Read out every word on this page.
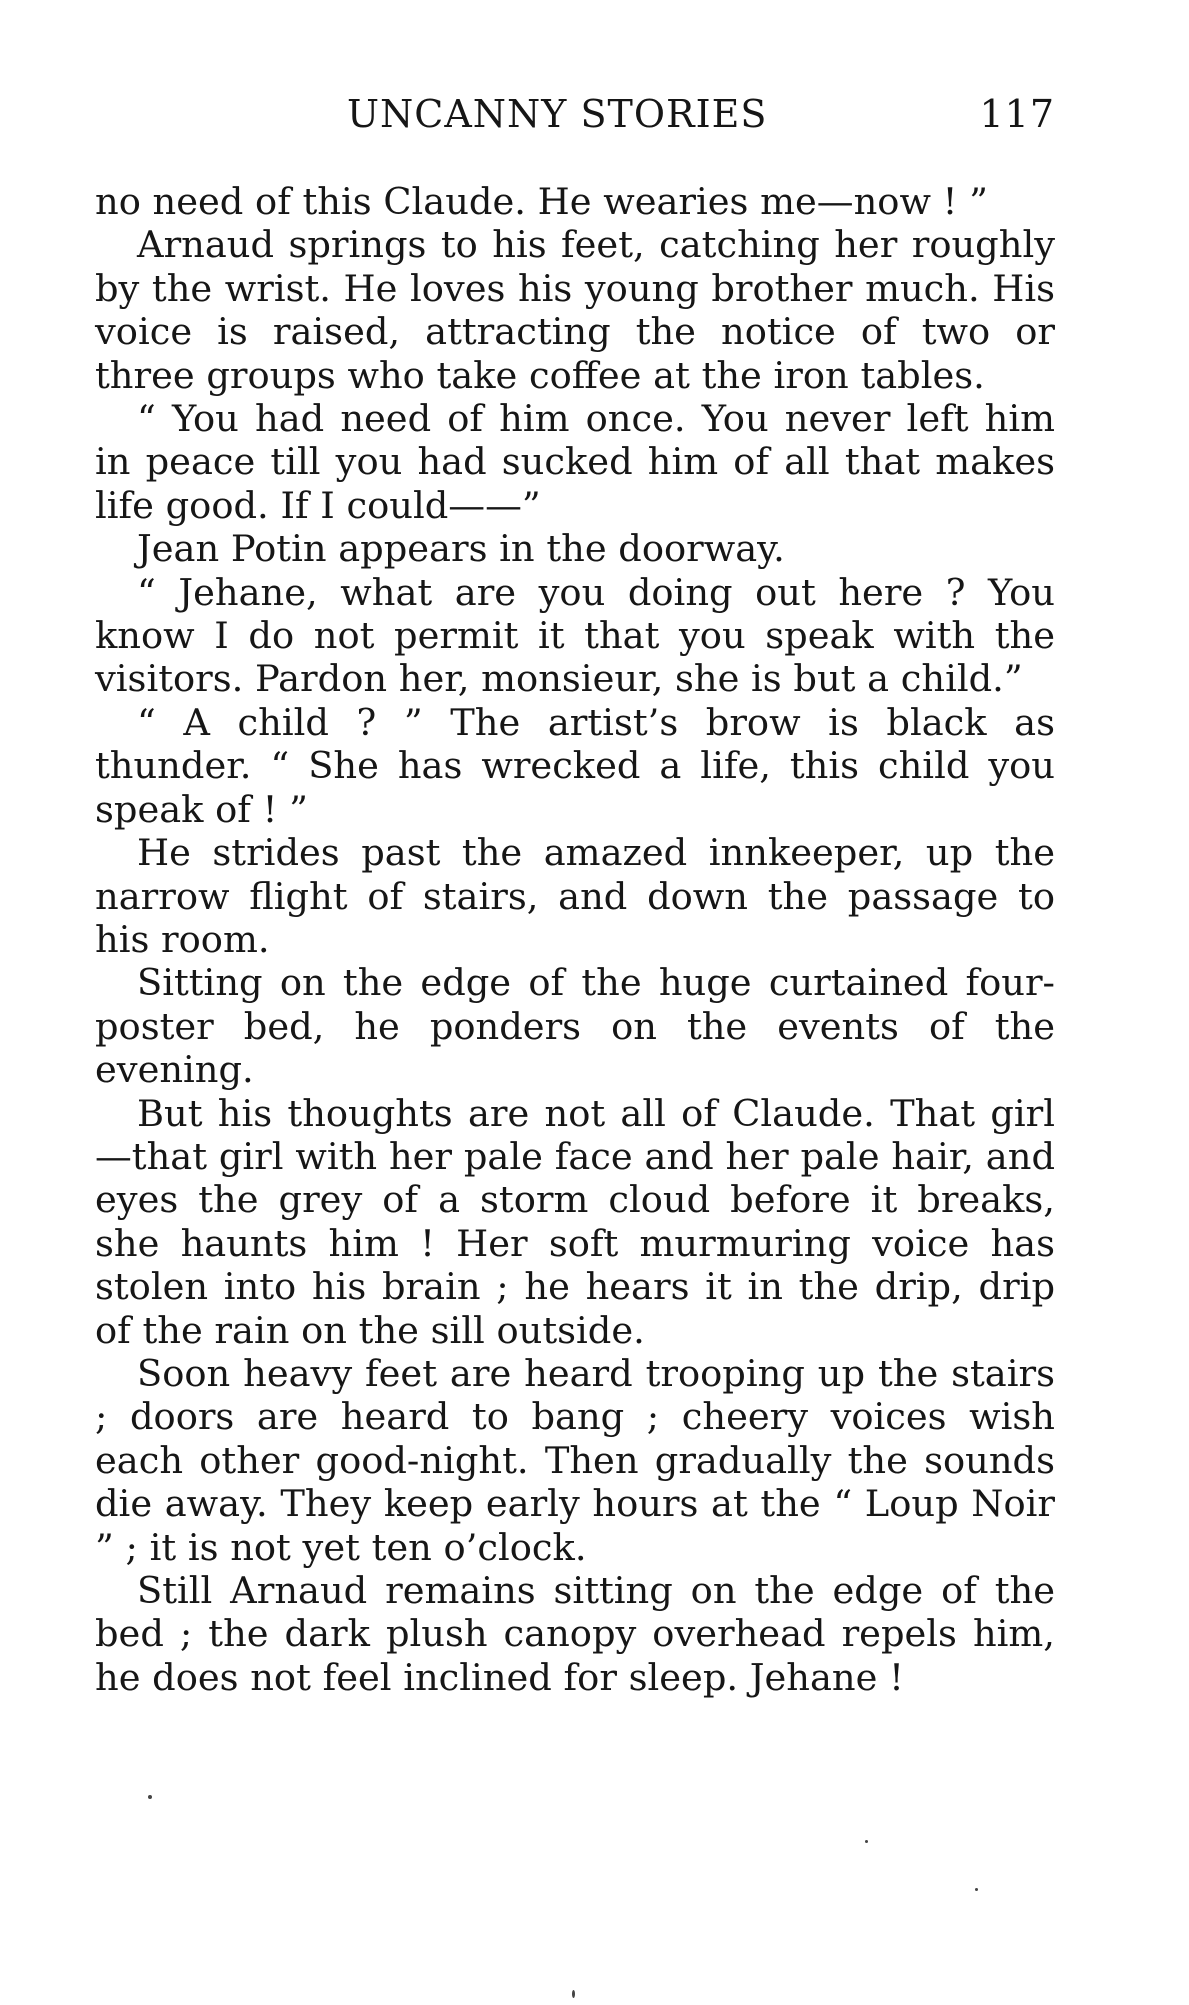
UNCANNY STORIES	117

no need of this Claude. He wearies me—now ! ”

Arnaud springs to his feet, catching her roughly by the wrist. He loves his young brother much. His voice is raised, attracting the notice of two or three groups who take coffee at the iron tables.

“ You had need of him once. You never left him in peace till you had sucked him of all that makes life good. If I could——”

Jean Potin appears in the doorway.

“ Jehane, what are you doing out here ? You know I do not permit it that you speak with the visitors. Pardon her, monsieur, she is but a child.”

“ A child ? ” The artist’s brow is black as thunder. “ She has wrecked a life, this child you speak of ! ”

He strides past the amazed innkeeper, up the narrow flight of stairs, and down the passage to his room.

Sitting on the edge of the huge curtained four-poster bed, he ponders on the events of the evening.

But his thoughts are not all of Claude. That girl—that girl with her pale face and her pale hair, and eyes the grey of a storm cloud before it breaks, she haunts him ! Her soft murmuring voice has stolen into his brain ; he hears it in the drip, drip of the rain on the sill outside.

Soon heavy feet are heard trooping up the stairs ; doors are heard to bang ; cheery voices wish each other good-night. Then gradually the sounds die away. They keep early hours at the “ Loup Noir ” ; it is not yet ten o’clock.

Still Arnaud remains sitting on the edge of the bed ; the dark plush canopy overhead repels him, he does not feel inclined for sleep. Jehane !
